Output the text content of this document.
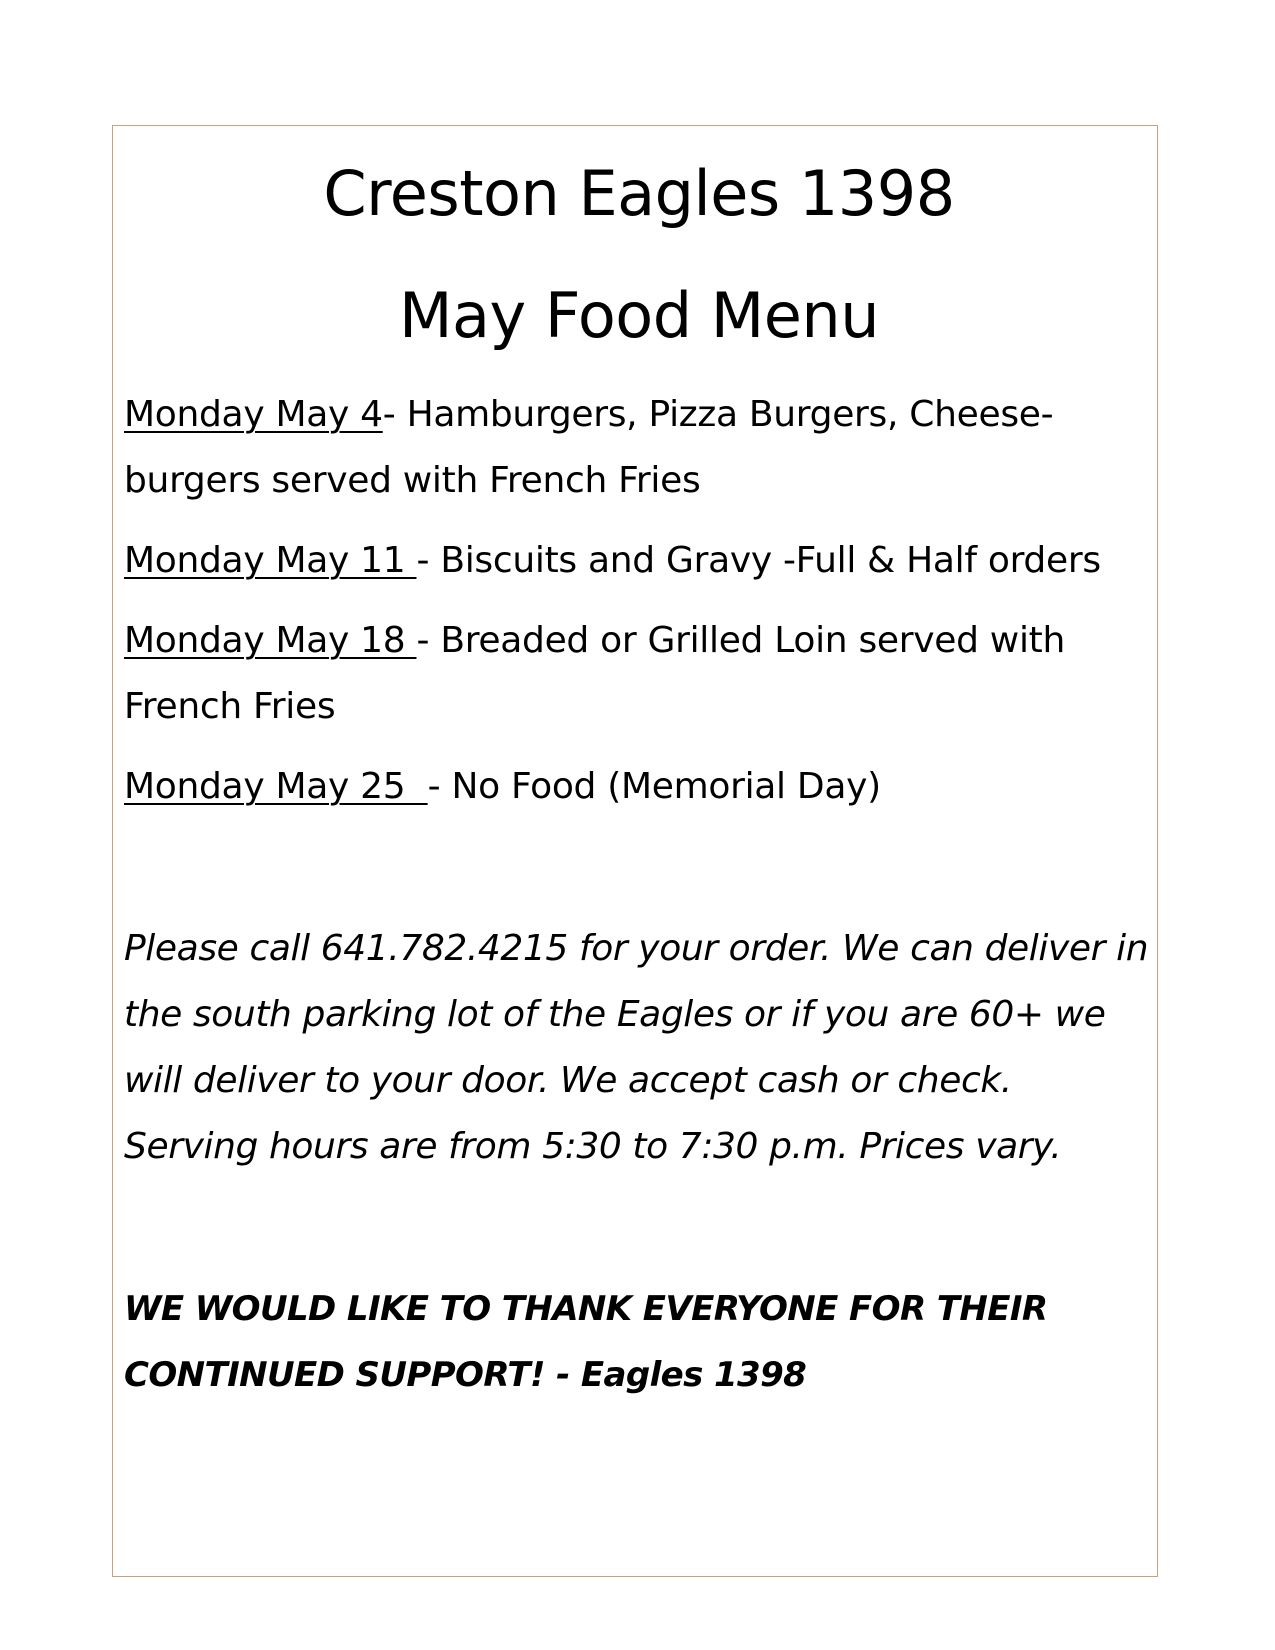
Creston Eagles 1398
May Food Menu

Monday May 4- Hamburgers, Pizza Burgers, Cheese-burgers served with French Fries

Monday May 11 - Biscuits and Gravy -Full & Half orders

Monday May 18 - Breaded or Grilled Loin served with French Fries

Monday May 25  - No Food (Memorial Day)

Please call 641.782.4215 for your order. We can deliver in the south parking lot of the Eagles or if you are 60+ we will deliver to your door. We accept cash or check. Serving hours are from 5:30 to 7:30 p.m. Prices vary.

WE WOULD LIKE TO THANK EVERYONE FOR THEIR CONTINUED SUPPORT! - Eagles 1398
